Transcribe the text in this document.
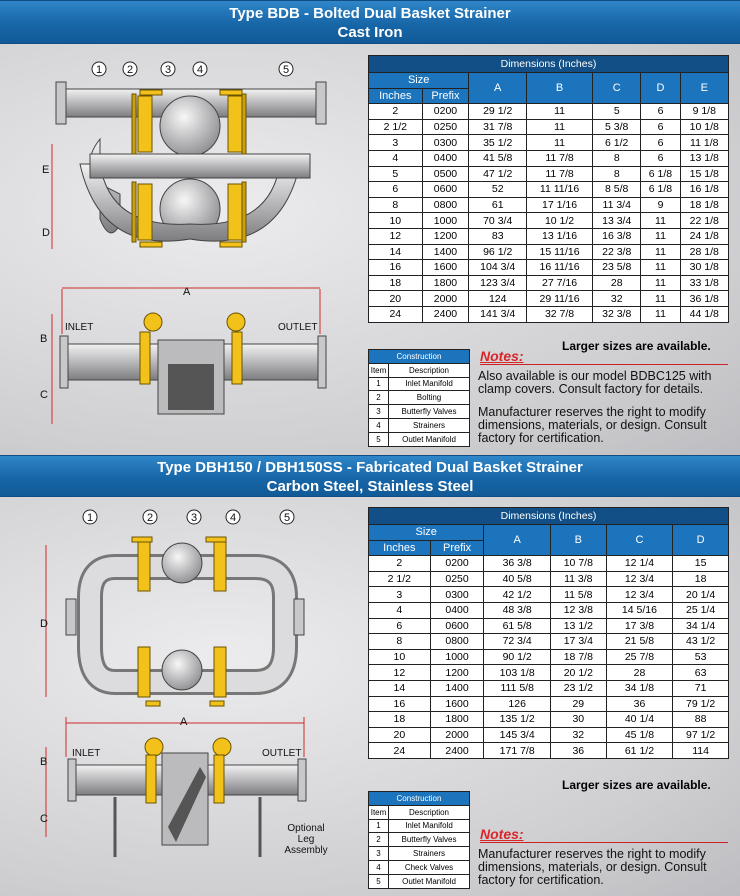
Type BDB - Bolted Dual Basket Strainer
Cast Iron
1 2	3 4	5
E
D
A
B
C
INLET	OUTLET
Dimensions (Inches)						
Size		A	B	C	D	E
Inches	Prefix					
2	0200	29 1/2	11	5	6	9 1/8
2 1/2	0250	31 7/8	11	5 3/8	6	10 1/8
3	0300	35 1/2	11	6 1/2	6	11 1/8
4	0400	41 5/8	11 7/8	8	6	13 1/8
5	0500	47 1/2	11 7/8	8	6 1/8	15 1/8
6	0600	52	11 11/16	8 5/8	6 1/8	16 1/8
8	0800	61	17 1/16	11 3/4	9	18 1/8
10	1000	70 3/4	10 1/2	13 3/4	11	22 1/8
12	1200	83	13 1/16	16 3/8	11	24 1/8
14	1400	96 1/2	15 11/16	22 3/8	11	28 1/8
16	1600	104 3/4	16 11/16	23 5/8	11	30 1/8
18	1800	123 3/4	27 7/16	28	11	33 1/8
20	2000	124	29 11/16	32	11	36 1/8
24	2400	141 3/4	32 7/8	32 3/8	11	44 1/8
Larger sizes are available.
Construction	
Item	Description
1	Inlet Manifold
2	Bolting
3	Butterfly Valves
4	Strainers
5	Outlet Manifold
Notes:
Also available is our model BDBC125 with clamp covers. Consult factory for details.
Manufacturer reserves the right to modify dimensions, materials, or design. Consult factory for certification.
Type DBH150 / DBH150SS - Fabricated Dual Basket Strainer
Carbon Steel, Stainless Steel
1	2	3	4	5
D
A
B
C
INLET	OUTLET
Optional
Leg
Assembly
Dimensions (Inches)					
Size		A	B	C	D
Inches	Prefix				
2	0200	36 3/8	10 7/8	12 1/4	15
2 1/2	0250	40 5/8	11 3/8	12 3/4	18
3	0300	42 1/2	11 5/8	12 3/4	20 1/4
4	0400	48 3/8	12 3/8	14 5/16	25 1/4
6	0600	61 5/8	13 1/2	17 3/8	34 1/4
8	0800	72 3/4	17 3/4	21 5/8	43 1/2
10	1000	90 1/2	18 7/8	25 7/8	53
12	1200	103 1/8	20 1/2	28	63
14	1400	111 5/8	23 1/2	34 1/8	71
16	1600	126	29	36	79 1/2
18	1800	135 1/2	30	40 1/4	88
20	2000	145 3/4	32	45 1/8	97 1/2
24	2400	171 7/8	36	61 1/2	114
Larger sizes are available.
Construction	
Item	Description
1	Inlet Manifold
2	Butterfly Valves
3	Strainers
4	Check Valves
5	Outlet Manifold
Notes:
Manufacturer reserves the right to modify dimensions, materials, or design. Consult factory for certification.
